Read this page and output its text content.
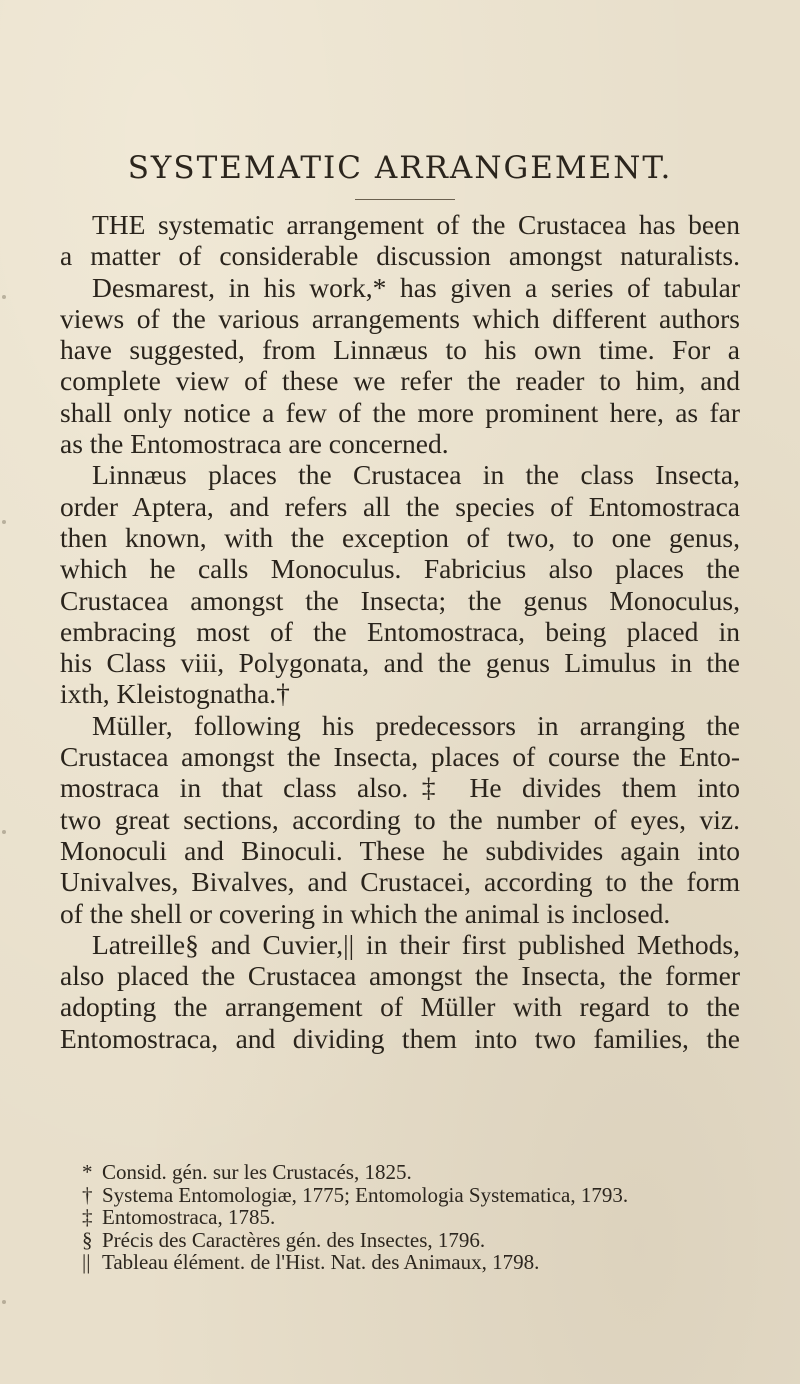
SYSTEMATIC ARRANGEMENT.
THE systematic arrangement of the Crustacea has been
a matter of considerable discussion amongst naturalists.
Desmarest, in his work,* has given a series of tabular
views of the various arrangements which different authors
have suggested, from Linnæus to his own time. For a
complete view of these we refer the reader to him, and
shall only notice a few of the more prominent here, as far
as the Entomostraca are concerned.
Linnæus places the Crustacea in the class Insecta,
order Aptera, and refers all the species of Entomostraca
then known, with the exception of two, to one genus,
which he calls Monoculus. Fabricius also places the
Crustacea amongst the Insecta; the genus Monoculus,
embracing most of the Entomostraca, being placed in
his Class viii, Polygonata, and the genus Limulus in the
ixth, Kleistognatha.†
Müller, following his predecessors in arranging the
Crustacea amongst the Insecta, places of course the Ento-
mostraca in that class also.‡ He divides them into
two great sections, according to the number of eyes, viz.
Monoculi and Binoculi. These he subdivides again into
Univalves, Bivalves, and Crustacei, according to the form
of the shell or covering in which the animal is inclosed.
Latreille§ and Cuvier,|| in their first published Methods,
also placed the Crustacea amongst the Insecta, the former
adopting the arrangement of Müller with regard to the
Entomostraca, and dividing them into two families, the
* Consid. gén. sur les Crustacés, 1825.
† Systema Entomologiæ, 1775; Entomologia Systematica, 1793.
‡ Entomostraca, 1785.
§ Précis des Caractères gén. des Insectes, 1796.
|| Tableau élément. de l'Hist. Nat. des Animaux, 1798.
